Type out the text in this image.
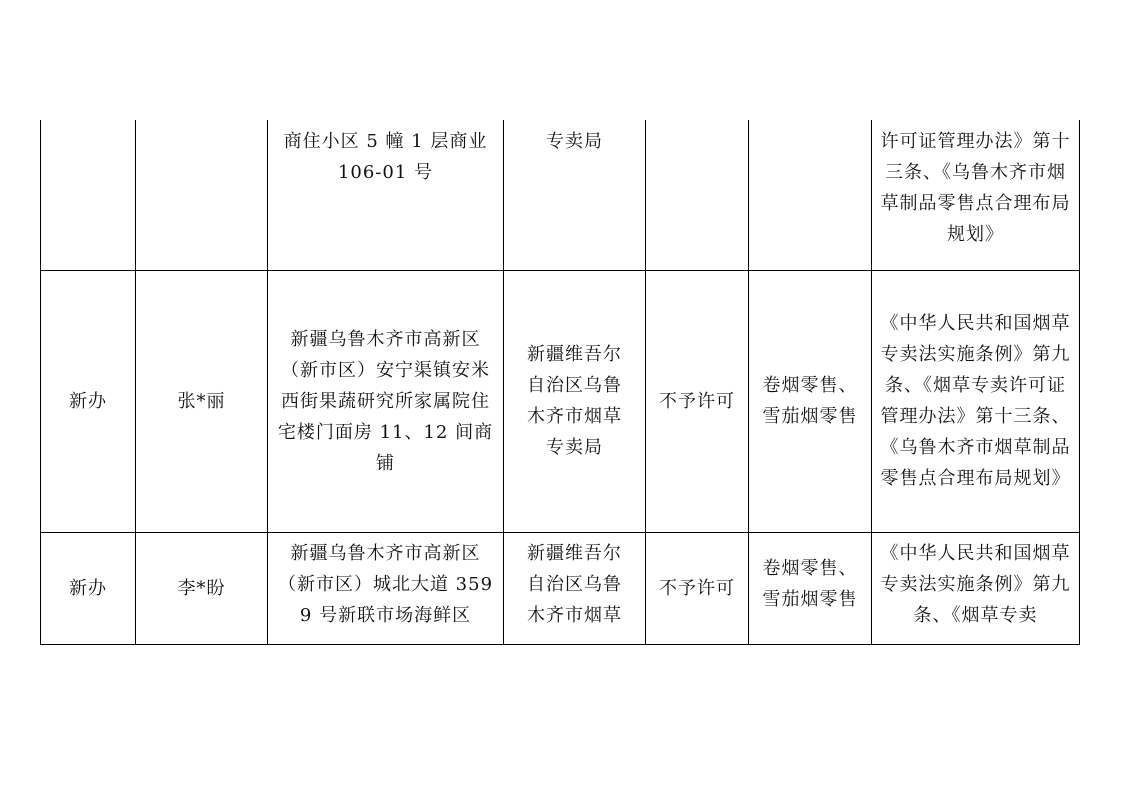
		商住小区 5 幢 1 层商业 106-01 号	专卖局			许可证管理办法》第十三条、《乌鲁木齐市烟草制品零售点合理布局规划》

新办	张*丽	新疆乌鲁木齐市高新区（新市区）安宁渠镇安米西街果蔬研究所家属院住宅楼门面房 11、12 间商铺	新疆维吾尔自治区乌鲁木齐市烟草专卖局	不予许可	卷烟零售、雪茄烟零售	《中华人民共和国烟草专卖法实施条例》第九条、《烟草专卖许可证管理办法》第十三条、《乌鲁木齐市烟草制品零售点合理布局规划》

新办	李*盼	新疆乌鲁木齐市高新区（新市区）城北大道 3599 号新联市场海鲜区	新疆维吾尔自治区乌鲁木齐市烟草	不予许可	卷烟零售、雪茄烟零售	《中华人民共和国烟草专卖法实施条例》第九条、《烟草专卖
